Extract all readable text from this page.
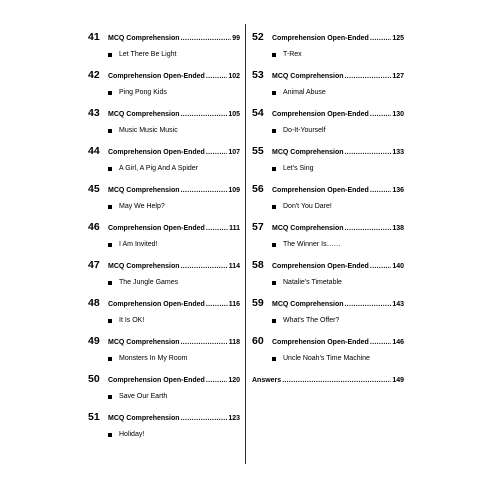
41	MCQ Comprehension .....	99
Let There Be Light
42	Comprehension Open-Ended .....	102
Ping Pong Kids
43	MCQ Comprehension .....	105
Music Music Music
44	Comprehension Open-Ended .....	107
A Girl, A Pig And A Spider
45	MCQ Comprehension .....	109
May We Help?
46	Comprehension Open-Ended .....	111
I Am Invited!
47	MCQ Comprehension .....	114
The Jungle Games
48	Comprehension Open-Ended .....	116
It Is OK!
49	MCQ Comprehension .....	118
Monsters In My Room
50	Comprehension Open-Ended .....	120
Save Our Earth
51	MCQ Comprehension .....	123
Holiday!
52	Comprehension Open-Ended .....	125
T-Rex
53	MCQ Comprehension .....	127
Animal Abuse
54	Comprehension Open-Ended .....	130
Do-It-Yourself
55	MCQ Comprehension .....	133
Let's Sing
56	Comprehension Open-Ended .....	136
Don't You Dare!
57	MCQ Comprehension .....	138
The Winner Is……
58	Comprehension Open-Ended .....	140
Natalie's Timetable
59	MCQ Comprehension .....	143
What's The Offer?
60	Comprehension Open-Ended .....	146
Uncle Noah's Time Machine
Answers .....	149
